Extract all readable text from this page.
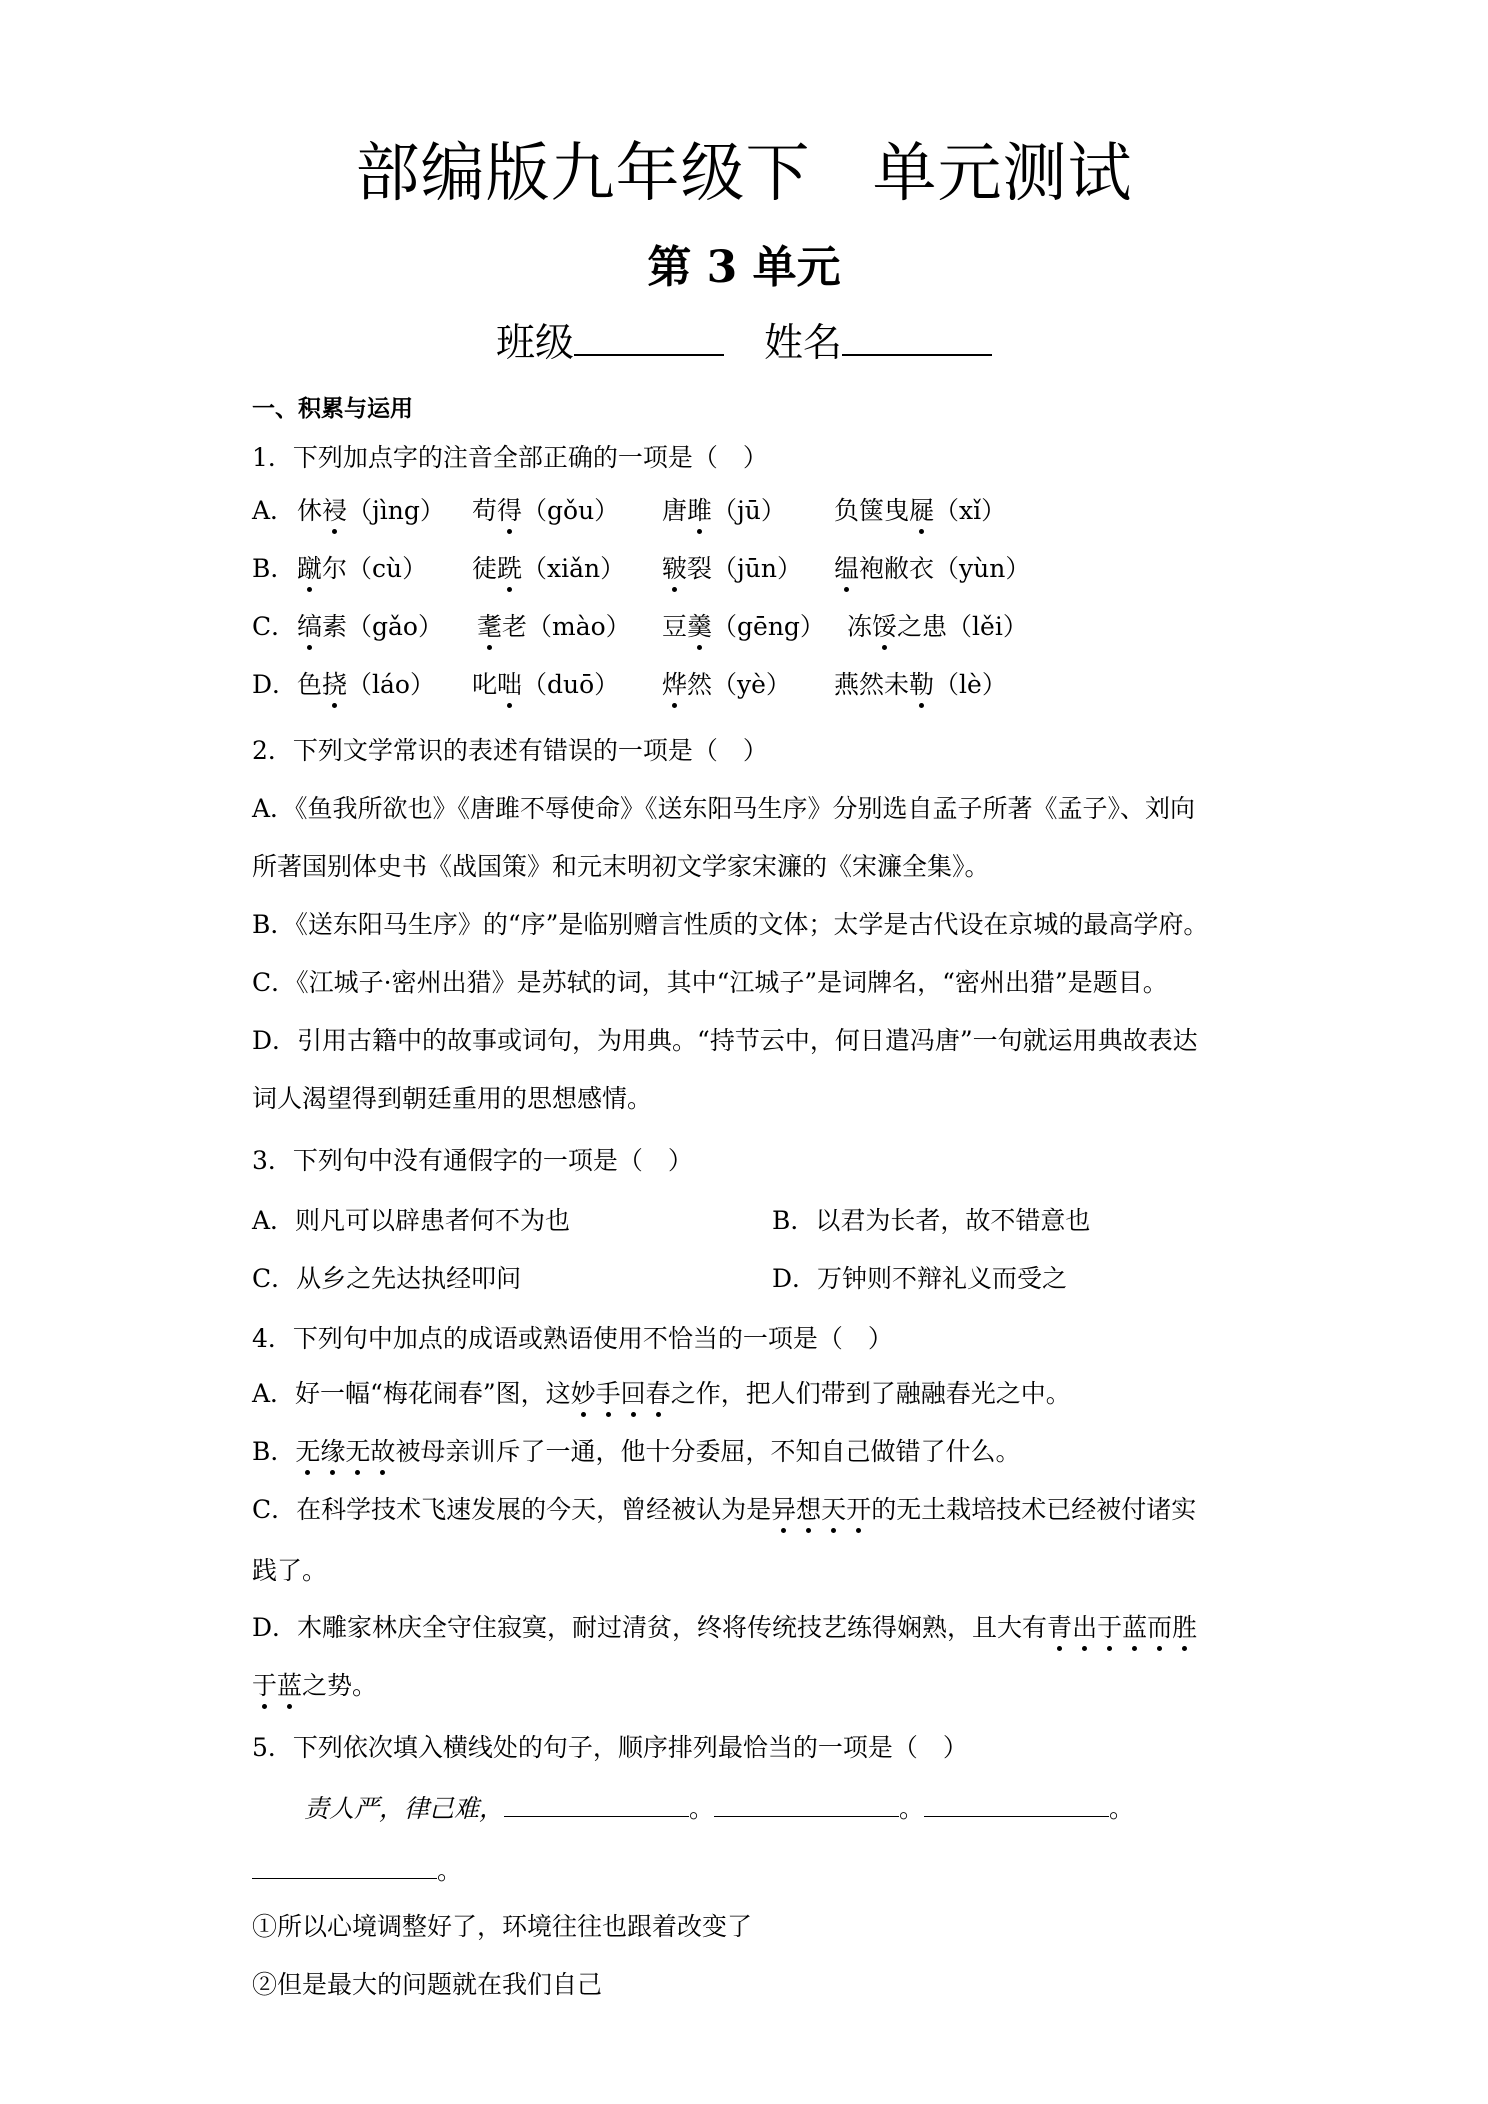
部编版九年级下 单元测试
第 3 单元
班级	姓名
一、积累与运用
1．下列加点字的注音全部正确的一项是（　）
A．休祲（jìng） 苟得（gǒu） 唐雎（jū） 负箧曳屣（xǐ）
B．蹴尔（cù） 徒跣（xiǎn） 皲裂（jūn） 缊袍敝衣（yùn）
C．缟素（gǎo） 耄老（mào） 豆羹（gēng） 冻馁之患（lěi）
D．色挠（láo） 叱咄（duō） 烨然（yè） 燕然未勒（lè）
2．下列文学常识的表述有错误的一项是（　）
A．《鱼我所欲也》《唐雎不辱使命》《送东阳马生序》分别选自孟子所著《孟子》、刘向
所著国别体史书《战国策》和元末明初文学家宋濂的《宋濂全集》。
B．《送东阳马生序》的“序”是临别赠言性质的文体；太学是古代设在京城的最高学府。
C．《江城子·密州出猎》是苏轼的词，其中“江城子”是词牌名，“密州出猎”是题目。
D．引用古籍中的故事或词句，为用典。“持节云中，何日遣冯唐”一句就运用典故表达
词人渴望得到朝廷重用的思想感情。
3．下列句中没有通假字的一项是（　）
A．则凡可以辟患者何不为也	B．以君为长者，故不错意也
C．从乡之先达执经叩问	D．万钟则不辩礼义而受之
4．下列句中加点的成语或熟语使用不恰当的一项是（　）
A．好一幅“梅花闹春”图，这妙手回春之作，把人们带到了融融春光之中。
B．无缘无故被母亲训斥了一通，他十分委屈，不知自己做错了什么。
C．在科学技术飞速发展的今天，曾经被认为是异想天开的无土栽培技术已经被付诸实
践了。
D．木雕家林庆全守住寂寞，耐过清贫，终将传统技艺练得娴熟，且大有青出于蓝而胜
于蓝之势。
5．下列依次填入横线处的句子，顺序排列最恰当的一项是（　）
责人严，律己难，	。	。	。
。
①所以心境调整好了，环境往往也跟着改变了
②但是最大的问题就在我们自己
